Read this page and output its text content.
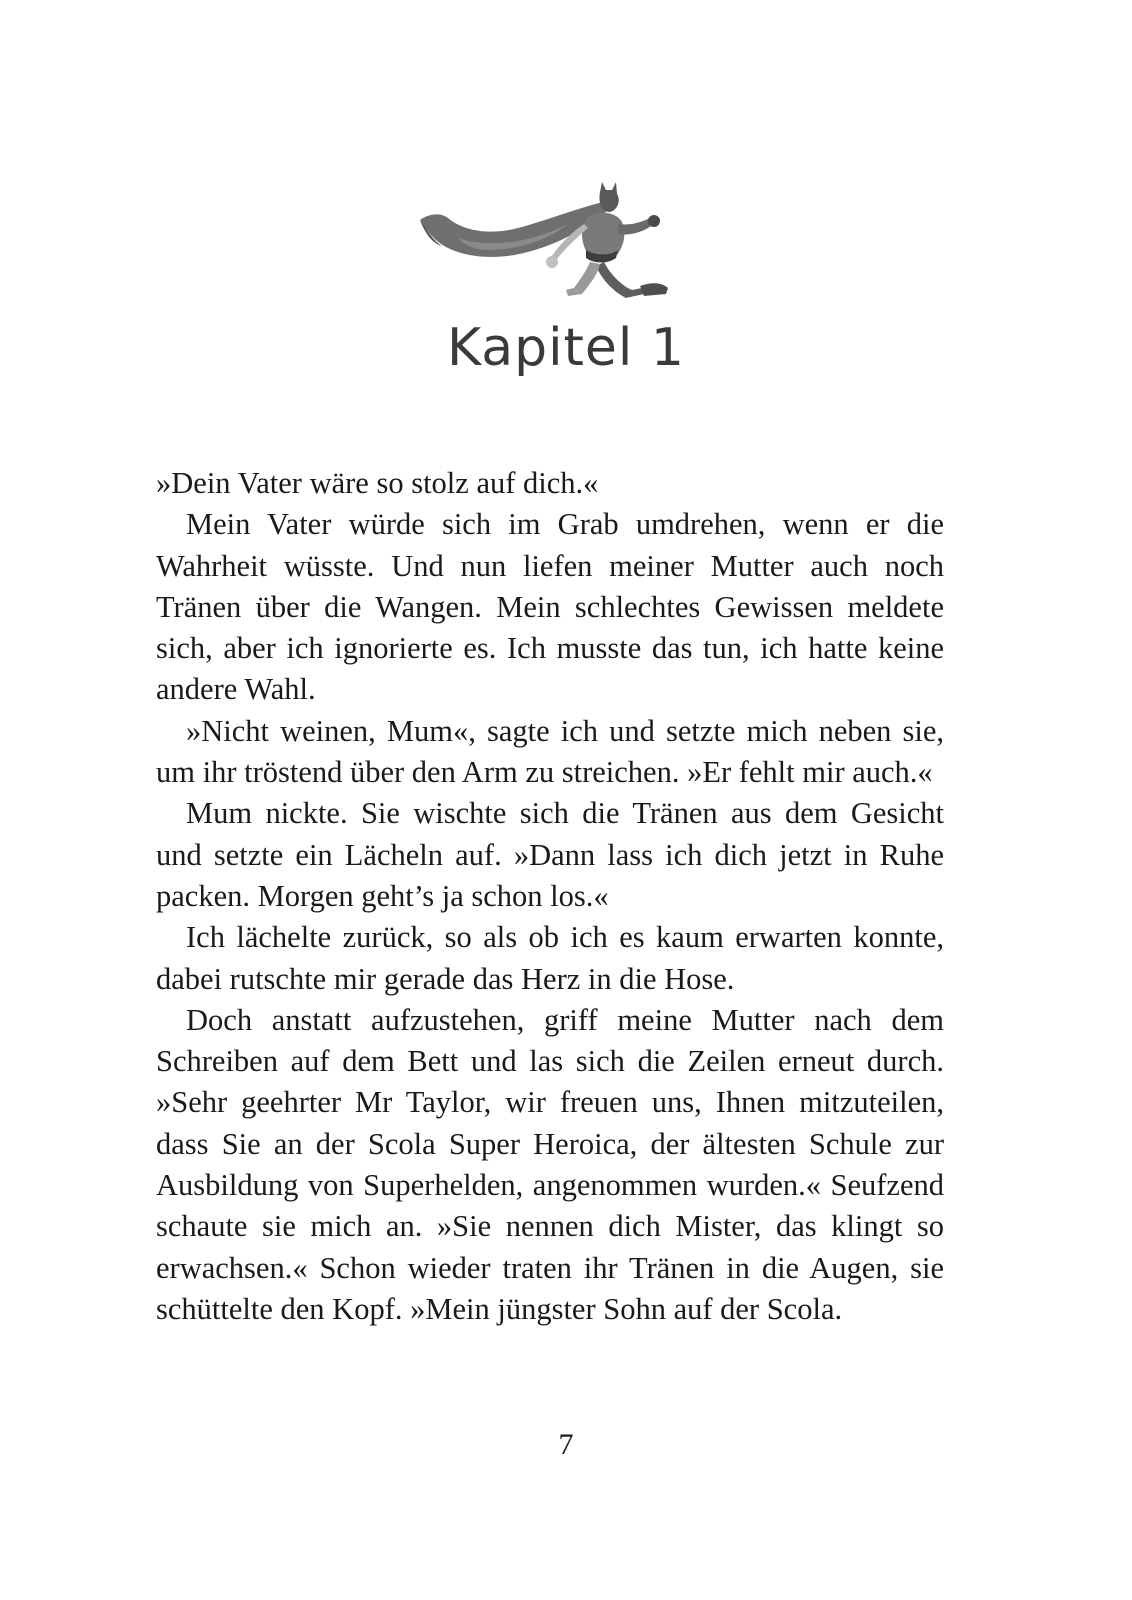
Kapitel 1

»Dein Vater wäre so stolz auf dich.«

Mein Vater würde sich im Grab umdrehen, wenn er die Wahrheit wüsste. Und nun liefen meiner Mutter auch noch Tränen über die Wangen. Mein schlechtes Gewissen meldete sich, aber ich ignorierte es. Ich musste das tun, ich hatte keine andere Wahl.

»Nicht weinen, Mum«, sagte ich und setzte mich neben sie, um ihr tröstend über den Arm zu streichen. »Er fehlt mir auch.«

Mum nickte. Sie wischte sich die Tränen aus dem Gesicht und setzte ein Lächeln auf. »Dann lass ich dich jetzt in Ruhe packen. Morgen geht’s ja schon los.«

Ich lächelte zurück, so als ob ich es kaum erwarten konnte, dabei rutschte mir gerade das Herz in die Hose.

Doch anstatt aufzustehen, griff meine Mutter nach dem Schreiben auf dem Bett und las sich die Zeilen erneut durch. »Sehr geehrter Mr Taylor, wir freuen uns, Ihnen mitzuteilen, dass Sie an der Scola Super Heroica, der ältesten Schule zur Ausbildung von Superhelden, angenommen wurden.« Seufzend schaute sie mich an. »Sie nennen dich Mister, das klingt so erwachsen.« Schon wieder traten ihr Tränen in die Augen, sie schüttelte den Kopf. »Mein jüngster Sohn auf der Scola.

7
